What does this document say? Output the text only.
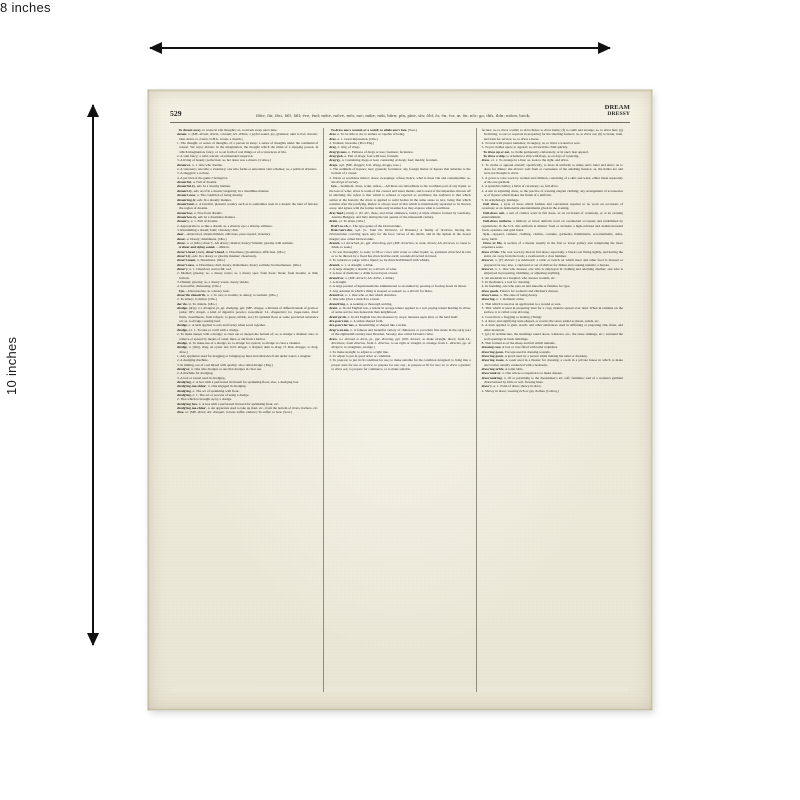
8 inches
10 inches
529	ffāte, fār, fāst, făll, făll; éve, ĕnd; mōte, mōve, mōr, not; mūte, mūt, būrn; pīn, pīne, sīn; ōld, ōr, ōn, for, œ, ōn, nōr; go, thīs, thīn; mōon, book;
DREAM
DRESSY

To dream away, to waste in idle thoughts; as, to dream away one's time.

dream, n. [ME. dream, dreem, a dream; AS. drēam, a joyful sound, joy, gladness; akin to Icel. draumr, Dan. drøm, G. traum, O.H.G. troum, a dream.]

1. The thought, or series of thoughts, of a person in sleep; a series of thoughts under the command of reason. We enjoy dreams in the imagination, the thought which the mind of a sleeping person, in which imagination, fancy, or to set forth of real things or of occurrences of life.

2. A vain fancy; a wild conceit; an unfounded suspicion.

3. A living of beauty; perfection; as, her dress was a dream. [Colloq.]

dream'er, n. 1. One who dreams.

2. A visionary; one idle; a visionary; one who forms or entertains vain schemes; as, a political dreamer.

3. A sluggard; a recluse.

4. A pet bird of the game Cheilegirra.

dream'ful, a. Full of dreams.

dream'ful-ly, adv. In a dreamy manner.

dream'i-ly, adv. As if in a dream; languidly; in a dreamlike manner.

dream'i-ness, n. The condition of being dreamy.

dream'ing-ly, adv. In a dreamy manner.

dream'land, n. A fanciful, pleasant country such as is sometimes seen in a dream; the land of fancies; the region of dreams.

dream'less, a. Free from dreams.

dream'less-ly, adv. In a dreamless manner.

dream'y, a. 1. Full of dreams.

2. Appropriate to or like a dream; as, a dreamy eye; a dreamy stillness.

3. Resembling a dream; faint; visionary; dim.

dear—Abstracted, absent-minded, oblivious, preoccupied, visionary.

drear, a. Dreary; dismalness. [Obs.]

drear, n. or [Obs.] drear'y. Aft dreary; dismal; dreary? Dismal; gloomy with solitude.

A drear and dying sound. —Milton.

drear'i-head (-hed), drear'i-hood, n. Dreariness; gloominess; affliction. [Obs.]

drear'i-ly, adv. In a dreary or gloomy manner; cheerlessly.

drear'i-ment, n. Dreariness. [Obs.]

drear'i-ness, n. Dreariness; dull, dreary, dismalness; dreary solitude; horrisomeness. [Obs.]

drear'y, a. 1. Cheerless; sorrowful; sad.

2. Dismal; gloomy; as, a dreary waste; as, a dreary spot; from drear; bleak; from dreams; or thin; forlorn.

3. Dismal; gloomy; as, a dreary waste; dreary shades.

4. Sorrowful; distressing. [Obs.]

Syn.—Disconsolate; to a dreary look.

drear'ihs chnodr'ih, n. 1. To vex; to trouble; to annoy; to torment. [Obs.]

2. To annoy; to defeat. [Obs.]

dec'cle, vi. To drizzle. [Obs.]

dredge, (drej), n.t. dredged, pt. pp. dredging, ppr. [ME. dregge, a mixture of different kinds of grain or pulse; OFr. dragie, a kind of digestive powder, sweetmeat; LL. dragaetum; Gr. traga-mata, dried fruits, sweetmeats, from trōgein, to gnaw, nibble, eat.] To sprinkle flour or some powdered substance on; as, to dredge roasting beef.

dredge, n. A term applied to oats and barley when sown together.

dredge, n.t. 1. To take or catch with a dredge.

2. To make deeper with a dredge; to clear out or deepen the bottom of; as, to dredge a channel; also, to remove or spread by means of canal, mud, or silt from a harbor.

dredge, vi. To make use of a dredge; as, to dredge for oysters; to dredge to clear a channel.

dredge, n. [Orig. dreg, an oyster net; O.D. dregge, a dragnet; akin to drag; cf. Dan. drægge, to drag, draw.]

1. Any appliance used for dragging or bringing up mud and substance from under water; a dragnet.

2. A dredging machine.

3. In mining, ore of coal mixed with quality; also called dredge. [Eng.]

dredg'er, n. One who dredges or one that dredges in clear out.

2. A machine for dredging.

3. A box or vessel used in dredging.

dredg'ing, n. A box with a perforated lid mouth for sprinkling flour; also, a dredging box.

dredg'ing-ma-chine', n. One engaged in dredging.

dredg'ing, n. The act of sprinkling with flour.

dredg'ing, n. 1. The act or process of using a dredge.

2. That which is brought up by a dredge.

dredg'ing box, n. A box with a perforated lid used for sprinkling flour, etc.

dredg'ing ma-chine', n. An apparatus used to take up mud, etc., from the bottom of rivers, harbors, etc.

dree, v.t. [ME. dreen; AS. dreogan, to bear, suffer, endure.] To suffer; to bear. [Scot.]

To dress one's wound, or a weird; to abide one's fate. [Scot.]

dree, a. To be able to do; to endure or capable of being.

dree, a. 1. Great impression. [Obs.]

2. Tedious; tiresome. [Prov.Eng.]

dreg, n. sing. of dregs.

dreg'gi-ness, n. Fullness of dregs or lees; foulness; feculence.

dreg'gish, a. Full of dregs; foul with lees; feculent.

dreg'gy, a. Containing dregs or lees; consisting of dregs; foul; muddy; feculent.

dregs, n.pl. [ME. dregges; Icel. dregg, dreggs, lees.]

1. The sediment of liquors; lees; grounds; feculence; any foreign matter of liquors that subsides to the bottom of a vessel.

2. Waste or worthless matter; dross; sweepings; refuse; hence, what is most vile and contemptible; as, the dregs of society.

Syn.—Sediment, dross, scum, refuse.—All these are subordinate to the worthless part of any liquid, as the lees of wine; dross is scum of the coarser and baser metals, and is used of the impurities thrown off in smelting; the refuse is that which is refused or rejected as worthless; the sediment is that which settles at the bottom; the dross is applied to solid bodies in the same sense as lees, being that which remains after the purifying. Refuse is always used of that which is intentionally separated to be thrown away, and agrees with the former terms only inasmuch as they express what is worthless.

drey'land (-land), n. [D. dre, three, and hond, eminence, bond.] A triple alliance formed by Germany, Austria-Hungary, and Italy during the last quarter of the nineteenth century.

drein, v.i. To drain. [Obs.]

Drel'i-to-ch, n. The type genus of the Dreissenidae.

Dreis'sen'i-dm, n.pl. [L. from Dr. Dreissen, of Brabant.] A family of bivalves, having the Dreissenidae covering open only for the foot; valves of the shells, and in the siphon in the dorsal margin; also called Dreissenidae.

drench, n.t. drenched, pt., ppr. drenching, ppr. [ME. drenchen, to soak, drown; AS. drencan, to cause to drink, to soak.]

1. To wet thoroughly; to soak; to fill or cover with water or other liquid; as, garments drenched in rain or to be thrown by a flood has drenched the earth; wounds drenched in blood.

2. To saturate or purge with a liquid; as, he drenched himself with whisky.

drench, n. 1. A draught; a drink.

2. A large draught; a drench; as, a drench of wine.

3. A dose of medicine; a drink forced upon a beast.

drench'er, n. [ME. drench; AS. drēnc, a drink.]

1. A draught.

2. A large portion of liquid medicine administered to an animal by pouring or forcing down its throat.

3. Any solution in which a thing is steeped or soaked; as, a drench for hides.

drench'er, n. 1. One who or that which drenches.

2. One who gives a drench to a beast.

drench'ing, n. A soaking or thorough wetting.

drent, a. In old English law, a tenant in socage tenure applied to a sort-paying tenant holding in virtue of some service less honorable than knighthood.

drent'ga'zh, n. In old English law, the measure by crops; measure upon land, or the land itself.

dre-pan'i-um, n. A sickle-shaped form.

dre-pan'i-fer'ous, a. Resembling or shaped like a sickle.

drep'a-ni-um, n. A famous and beautiful variety of chinaware or porcelain first made in the early part of the eighteenth century near Dresden, Saxony; also called Dresden china.

dress, n.t. dressed or drest, pt., ppr. dressing, ppr. [OFr. dresser, to make straight, direct; from LL. directiare, from directus, from L. directus, to set right or straight, to arrange, from L. directus, pp. of dirigere, to straighten, arrange.]

1. To make straight; to adjust to a right line.

2. To adjust to put in good order or condition.

3. To prepare; to put in fit condition for use; to make suitable for the condition designed; to bring into a proper state for use or service; to prepare for use; esp., to prepare or fit for use; as, to dress a garden; to dress ore; to prepare for commerce, or to make suitable.

facture; as, to dress a lamb; to dress hides; to dress hemp; (f) to comb and arrange; as, to dress hair; (g) In mining, to sort or separate in preparing for the smelting furnace; as, to dress ore; (h) to break, train, and train for service; as, to dress a horse.

4. To treat with proper remedies; in surgery, as, to dress a wound or sore.

5. To put clothes upon; to apparel; as, dressed the child quickly.

To dress up or out, to clothe pompously, elaborately, or in one's best apparel.

To dress a ship, to ornament a ship with flags, as on days of rejoicing.

dress, v.i. 1. To arrange in a line; as, look to the right, and dress.

2. To clothe or apparel oneself; specifically, to dress in uniform; to make one's toilet and attire; an to dress for dinner; she dresses well from or coarseness of the smelting furnace; as, the habits are and were not thought to dress.

3. A gown or robe worn by women and children, consisting of a skirt and waist, either made separately or the one garment.

4. A splendid clothes; a habit of ceremony; as, full dress.

4. A suit in adjusting dress, or the practice of wearing elegant clothing; any arrangement of accessories or of figures which makes the finish of a uniform.

5. In orniphology, plumage.

Full dress, a style of dress which fashion and convention requires to be worn on occasions of ceremony or an fashionable entertainments given in the evening.

Full-dress suit, a suit of clothes worn in full dress, as on occasions of ceremony, or at an evening entertainment.

Full-dress uniform, a military or naval uniform worn on ceremonial occasions and established by regulations; in the U.S. this uniform is distinct from or includes a high-collared and double-breasted frock, epaulets, and gold braid.

Syn.—Apparel, raiment, clothing, clothes, costume, garments, habiliments, accouterments, attire, array, habit.

Dress of fife, A section of a theater usually in the first or lower gallery and comprising the more expensive seats.

dress ci'rcle. The coat worn by men in full dress; especially, a black coat fitting tightly, and having the skirts cut away from the back; a swallowtail; a claw hammer.

dress'er, n. (F) dresser.] A sideboard; a table or bench on which meat and other food is dressed or prepared for use; also, a cupboard or set of shelves for dishes and cooking utensils; a bureau.

dress'er, n. 1. One who dresses; one who is employed in clothing and adorning another; one who is employed in preparing, trimming, or adjusting anything.

2. An attendant in a hospital, who dresses wounds, etc.

3. In mechanics, a tool for dressing.

4. In founding, one who puts on and smooths or finishes for type.

dress goods, Fabrics for women's and children's dresses.

dress'i-ness, n. The state of being dressy.

dress'ing, n. 1. Raiment; attire.

2. That which is used as an application to a wound or sore.

3. That which is used in preparing land for a crop; manure spread over land. When in remains on the surface, it is called a top dressing.

4. Correction; a flogging or beating. [Slang]

5. A dress; and signifying stale-shaped, or recent; the sauce added to meats, salads, etc.

6. A term applied to gum, starch, and other substances used in stiffening or preparing silk, linen, and other materials.

7. [pl.] In architecture, the moldings round doors, windows, etc., the stone sinkings, etc.; surround the wall openings in brick buildings.

8. That formed as of the sheep and felt which remains.

dressing case, A box or case fitted with toilet requisites.

dress'ing gown, Forceps used in dressing wounds.

dress'ing gown, A gown used by a person while making his toilet or dressing.

dress'ing room, A room used in a theater for dressing; a room in a private house in which to make one's toilet, usually connected with a bedroom.

dress'ing ta'ble, A toilet table.

dress'mak'er, n. One whose occupation is to make dresses.

dress'mak'ing, n. Of or pertaining to the dressmaker's art; soft; feminine; said of a woman's garment characterized by frills or soft, flowing lines.

dress'y, a. 1. Fond of dress; showy in dress.

2. Showy in dress; wearing rich or gay clothes. [Colloq.]
